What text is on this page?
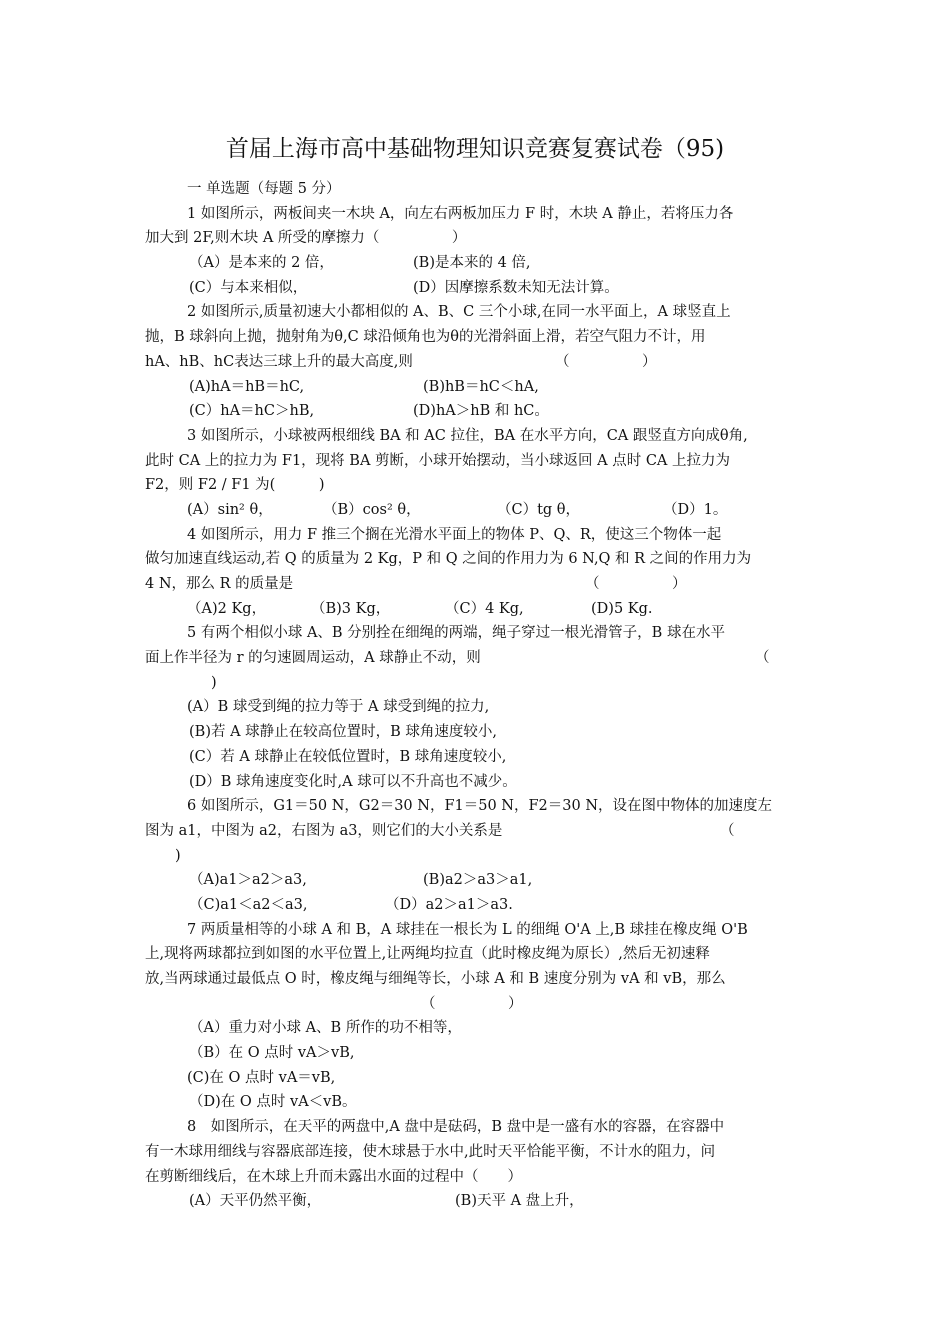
首届上海市高中基础物理知识竞赛复赛试卷（95)
一 单选题（每题 5 分）
1 如图所示，两板间夹一木块 A，向左右两板加压力 F 时，木块 A 静止，若将压力各
加大到 2F,则木块 A 所受的摩擦力（　　　　　）
（A）是本来的 2 倍，	(B)是本来的 4 倍,
(C）与本来相似，	(D）因摩擦系数未知无法计算。
2 如图所示,质量初速大小都相似的 A、B、C 三个小球,在同一水平面上，A 球竖直上
抛，B 球斜向上抛，抛射角为θ,C 球沿倾角也为θ的光滑斜面上滑，若空气阻力不计，用
hA、hB、hC表达三球上升的最大高度,则	（　　　　　）
(A)hA＝hB＝hC,	(B)hB＝hC＜hA,
(C）hA＝hC＞hB,	(D)hA＞hB 和 hC。
3 如图所示，小球被两根细线 BA 和 AC 拉住，BA 在水平方向，CA 跟竖直方向成θ角,
此时 CA 上的拉力为 F1，现将 BA 剪断，小球开始摆动，当小球返回 A 点时 CA 上拉力为
F2，则 F2 / F1 为(　　　)
(A）sin² θ，	（B）cos² θ，	（C）tg θ，	（D）1。
4 如图所示，用力 F 推三个搁在光滑水平面上的物体 P、Q、R，使这三个物体一起
做匀加速直线运动,若 Q 的质量为 2 Kg，P 和 Q 之间的作用力为 6 N,Q 和 R 之间的作用力为
4 N，那么 R 的质量是	（　　　　　）
（A)2 Kg，	（B)3 Kg，	（C）4 Kg,	(D)5 Kg.
5 有两个相似小球 A、B 分别拴在细绳的两端，绳子穿过一根光滑管子，B 球在水平
面上作半径为 r 的匀速圆周运动，A 球静止不动，则	（
)
(A）B 球受到绳的拉力等于 A 球受到绳的拉力,
(B)若 A 球静止在较高位置时，B 球角速度较小,
(C）若 A 球静止在较低位置时，B 球角速度较小,
(D）B 球角速度变化时,A 球可以不升高也不减少。
6 如图所示，G1＝50 N，G2＝30 N，F1＝50 N，F2＝30 N，设在图中物体的加速度左
图为 a1，中图为 a2，右图为 a3，则它们的大小关系是	（
)
（A)a1＞a2＞a3,	(B)a2＞a3＞a1,
（C)a1＜a2＜a3,	（D）a2＞a1＞a3.
7 两质量相等的小球 A 和 B，A 球挂在一根长为 L 的细绳 O'A 上,B 球挂在橡皮绳 O'B
上,现将两球都拉到如图的水平位置上,让两绳均拉直（此时橡皮绳为原长）,然后无初速释
放,当两球通过最低点 O 时，橡皮绳与细绳等长，小球 A 和 B 速度分别为 vA 和 vB，那么
（　　　　　）
（A）重力对小球 A、B 所作的功不相等，
（B）在 O 点时 vA＞vB,
(C)在 O 点时 vA＝vB,
（D)在 O 点时 vA＜vB。
8　如图所示，在天平的两盘中,A 盘中是砝码，B 盘中是一盛有水的容器，在容器中
有一木球用细线与容器底部连接，使木球悬于水中,此时天平恰能平衡，不计水的阻力，问
在剪断细线后，在木球上升而未露出水面的过程中（　　）
(A）天平仍然平衡，	(B)天平 A 盘上升，
